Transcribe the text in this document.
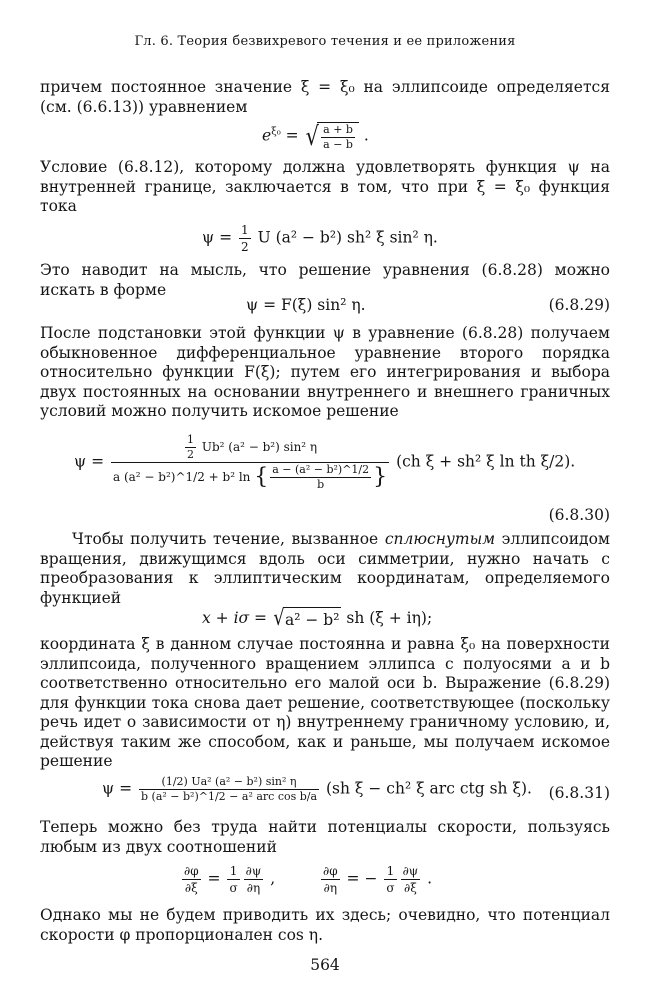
Гл. 6. Теория безвихревого течения и ее приложения
причем постоянное значение ξ = ξ₀ на эллипсоиде определяется (см. (6.6.13)) уравнением
$e^{\xi_0}$ = √ $\frac{a + b}{a - b}$ .
Условие (6.8.12), которому должна удовлетворять функция ψ на внутренней границе, заключается в том, что при ξ = ξ₀ функция тока
$\psi = \frac{1}{2}$ U (a² − b²) sh² ξ sin² η.
Это наводит на мысль, что решение уравнения (6.8.28) можно искать в форме
ψ = F(ξ) sin² η.	(6.8.29)
После подстановки этой функции ψ в уравнение (6.8.28) получаем обыкновенное дифференциальное уравнение второго порядка относительно функции F(ξ); путем его интегрирования и выбора двух постоянных на основании внутреннего и внешнего граничных условий можно получить искомое решение
$\psi = \frac{\frac{1}{2} Ub^2 (a^2 - b^2) \sin^2 \eta}{a (a^2 - b^2)\^{}1/2 + b^2 \ln \{ \frac{\text{a − (a² − b²)\textasciicircum{}1/2}}{b} \}} (ch$ ξ + sh² ξ ln th ξ/2).
(6.8.30)
Чтобы получить течение, вызванное сплюснутым эллипсоидом вращения, движущимся вдоль оси симметрии, нужно начать с преобразования к эллиптическим координатам, определяемого функцией
x + iσ = √a² − b² sh (ξ + iη);
координата ξ в данном случае постоянна и равна ξ₀ на поверхности эллипсоида, полученного вращением эллипса с полуосями a и b соответственно относительно его малой оси b. Выражение (6.8.29) для функции тока снова дает решение, соответствующее (поскольку речь идет о зависимости от η) внутреннему граничному условию, и, действуя таким же способом, как и раньше, мы получаем искомое решение
$\psi = \frac{\text{(1/2) Ua² (a² − b²) sin² η}}{\text{b (a² − b²)\textasciicircum{}1/2 − a² arc cos b/a}} (sh$ ξ − ch² ξ arc ctg sh ξ). (6.8.31)
Теперь можно без труда найти потенциалы скорости, пользуясь любым из двух соотношений
$\frac{\partial\varphi}{\partial\xi} = \frac{1}{\sigma} \frac{\partial\psi}{\partial\eta}$ ,	$\frac{\partial\varphi}{\partial\eta}$ = − $\frac{1}{\sigma} \frac{\partial\psi}{\partial\xi}$ .
Однако мы не будем приводить их здесь; очевидно, что потенциал скорости φ пропорционален cos η.
564
